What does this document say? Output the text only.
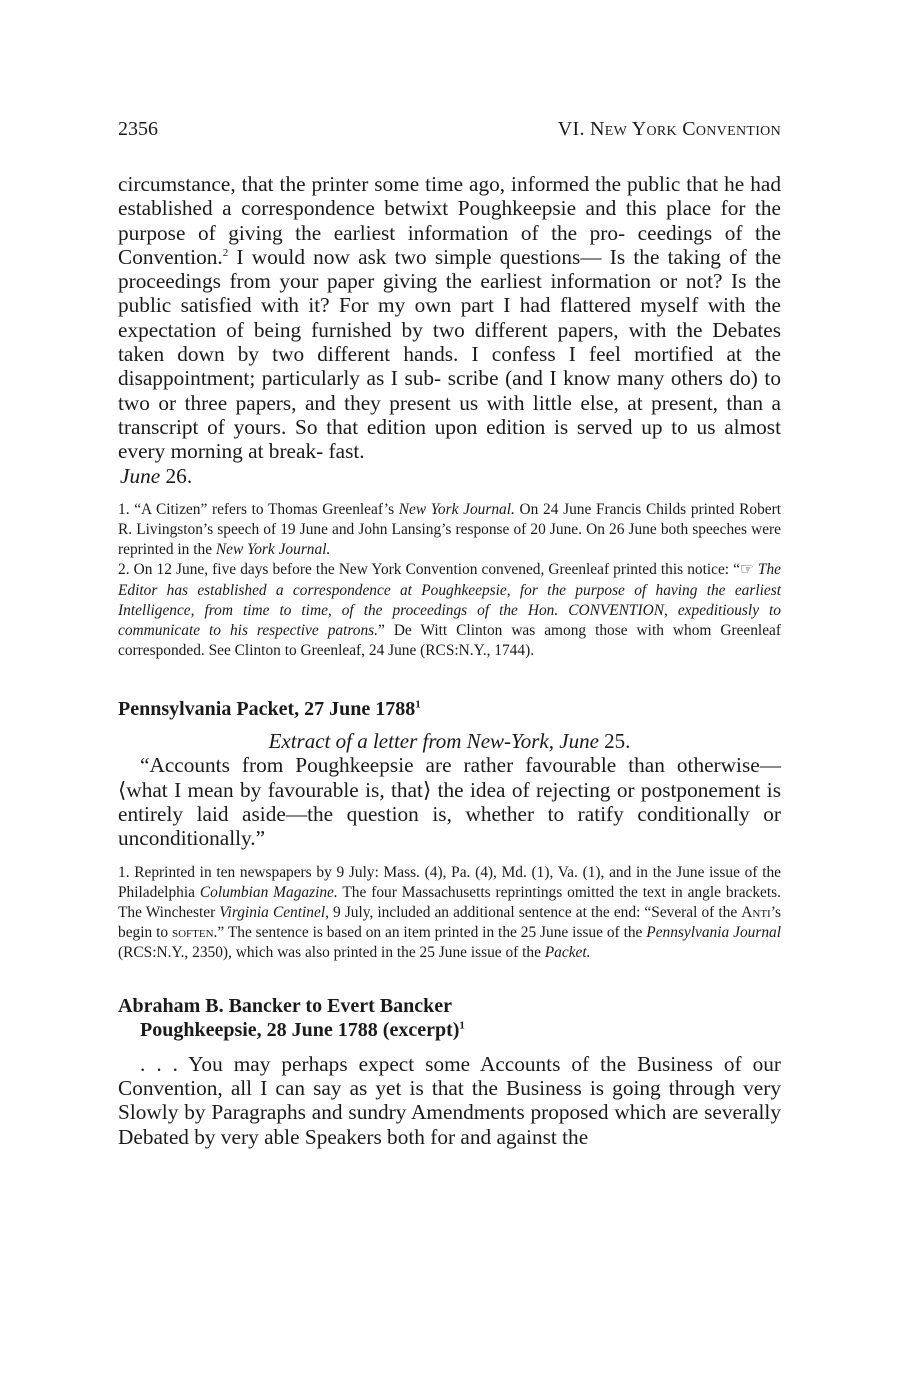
2356	VI. New York Convention

circumstance, that the printer some time ago, informed the public that he had established a correspondence betwixt Poughkeepsie and this place for the purpose of giving the earliest information of the pro- ceedings of the Convention.$^2$ I would now ask two simple questions— Is the taking of the proceedings from your paper giving the earliest information or not? Is the public satisfied with it? For my own part I had flattered myself with the expectation of being furnished by two different papers, with the Debates taken down by two different hands. I confess I feel mortified at the disappointment; particularly as I sub- scribe (and I know many others do) to two or three papers, and they present us with little else, at present, than a transcript of yours. So that edition upon edition is served up to us almost every morning at break- fast.

June 26.

1. “A Citizen” refers to Thomas Greenleaf’s New York Journal. On 24 June Francis Childs printed Robert R. Livingston’s speech of 19 June and John Lansing’s response of 20 June. On 26 June both speeches were reprinted in the New York Journal.

2. On 12 June, five days before the New York Convention convened, Greenleaf printed this notice: “☞ The Editor has established a correspondence at Poughkeepsie, for the purpose of having the earliest Intelligence, from time to time, of the proceedings of the Hon. CONVENTION, expeditiously to communicate to his respective patrons.” De Witt Clinton was among those with whom Greenleaf corresponded. See Clinton to Greenleaf, 24 June (RCS:N.Y., 1744).

Pennsylvania Packet, 27 June 1788$^1$

Extract of a letter from New-York, June 25.

“Accounts from Poughkeepsie are rather favourable than otherwise—⟨what I mean by favourable is, that⟩ the idea of rejecting or postponement is entirely laid aside—the question is, whether to ratify conditionally or unconditionally.”

1. Reprinted in ten newspapers by 9 July: Mass. (4), Pa. (4), Md. (1), Va. (1), and in the June issue of the Philadelphia Columbian Magazine. The four Massachusetts reprintings omitted the text in angle brackets. The Winchester Virginia Centinel, 9 July, included an additional sentence at the end: “Several of the Anti’s begin to soften.” The sentence is based on an item printed in the 25 June issue of the Pennsylvania Journal (RCS:N.Y., 2350), which was also printed in the 25 June issue of the Packet.

Abraham B. Bancker to Evert Bancker

Poughkeepsie, 28 June 1788 (excerpt)$^1$

. . . You may perhaps expect some Accounts of the Business of our Convention, all I can say as yet is that the Business is going through very Slowly by Paragraphs and sundry Amendments proposed which are severally Debated by very able Speakers both for and against the
